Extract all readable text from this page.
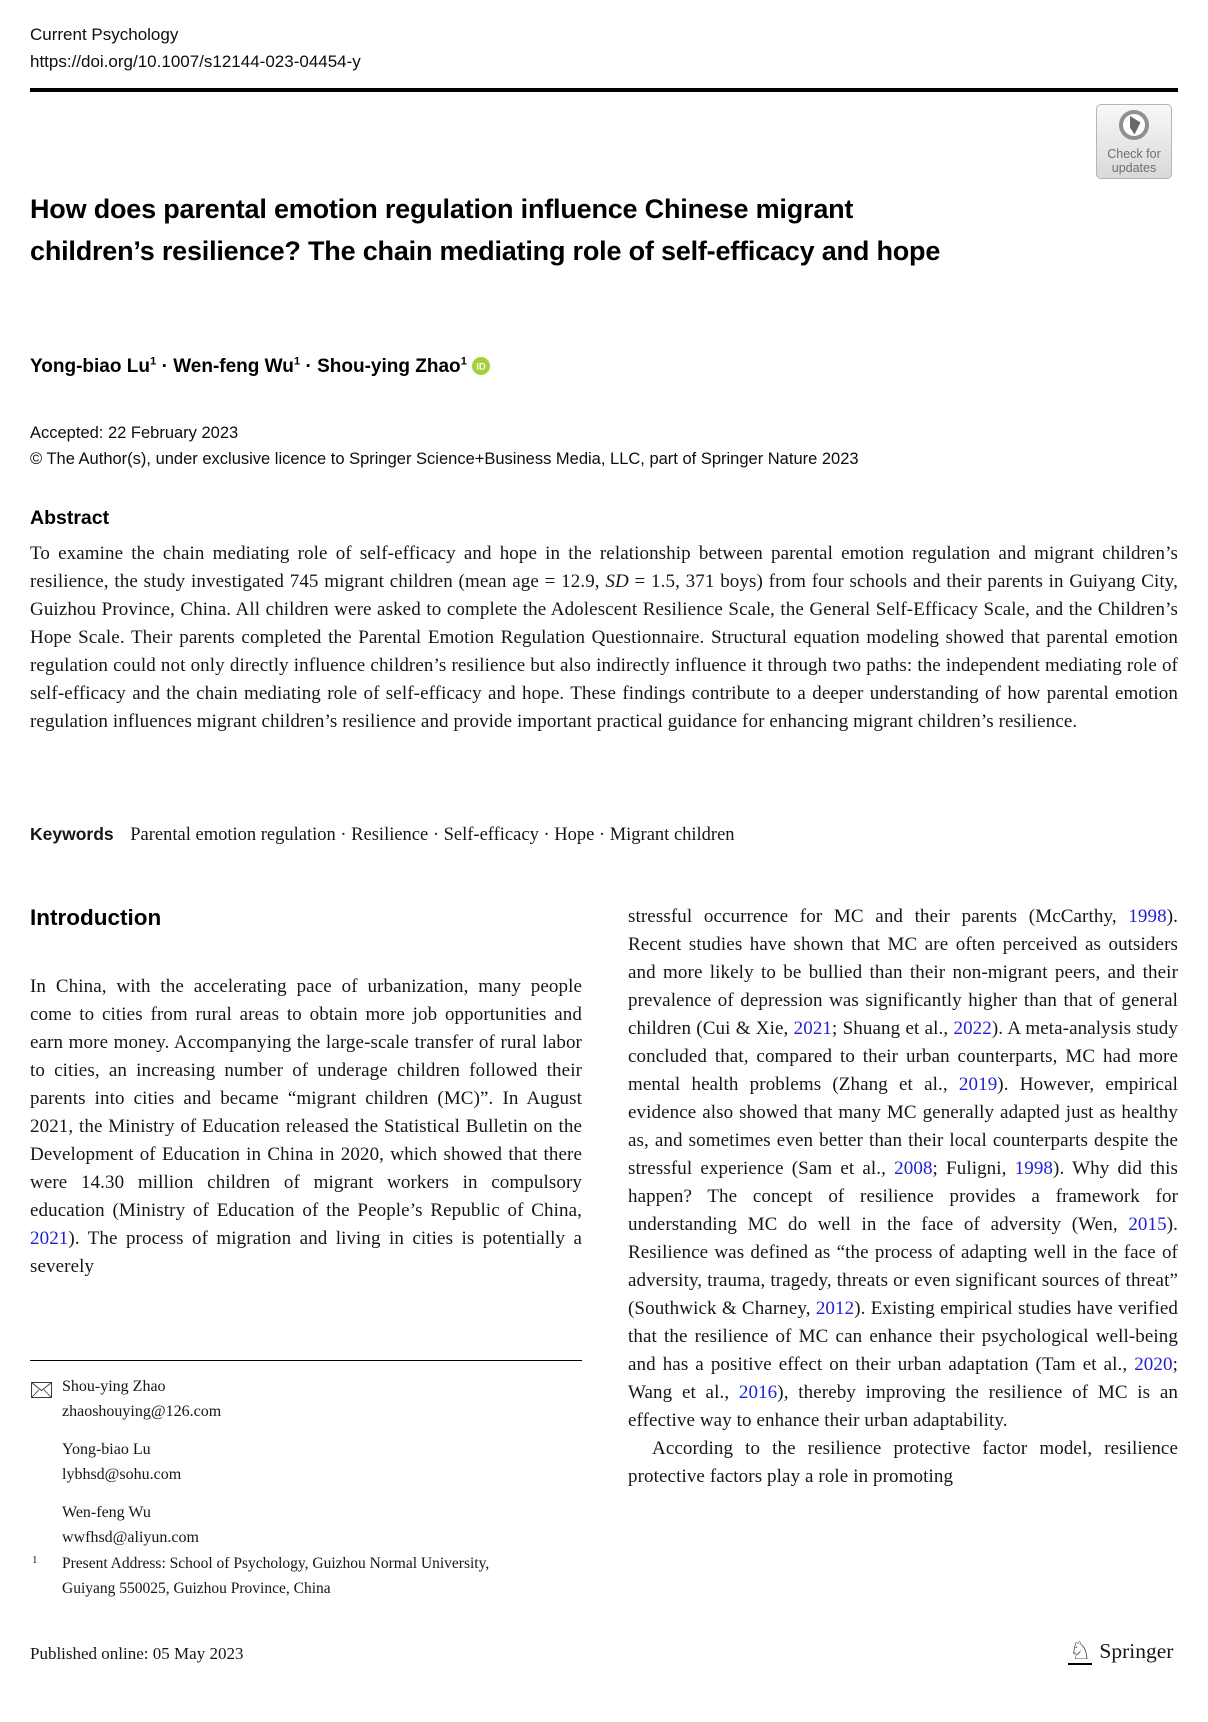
Current Psychology
https://doi.org/10.1007/s12144-023-04454-y
Check for
updates
How does parental emotion regulation influence Chinese migrant children’s resilience? The chain mediating role of self-efficacy and hope
Yong-biao $Lu^1$ · Wen-feng $Wu^1$ · Shou-ying Zhao$^1$ iD
Accepted: 22 February 2023
© The Author(s), under exclusive licence to Springer Science+Business Media, LLC, part of Springer Nature 2023
Abstract
To examine the chain mediating role of self-efficacy and hope in the relationship between parental emotion regulation and migrant children’s resilience, the study investigated 745 migrant children (mean age = 12.9, SD = 1.5, 371 boys) from four schools and their parents in Guiyang City, Guizhou Province, China. All children were asked to complete the Adolescent Resilience Scale, the General Self-Efficacy Scale, and the Children’s Hope Scale. Their parents completed the Parental Emotion Regulation Questionnaire. Structural equation modeling showed that parental emotion regulation could not only directly influence children’s resilience but also indirectly influence it through two paths: the independent mediating role of self-efficacy and the chain mediating role of self-efficacy and hope. These findings contribute to a deeper understanding of how parental emotion regulation influences migrant children’s resilience and provide important practical guidance for enhancing migrant children’s resilience.
Keywords Parental emotion regulation · Resilience · Self-efficacy · Hope · Migrant children
Introduction

In China, with the accelerating pace of urbanization, many people come to cities from rural areas to obtain more job opportunities and earn more money. Accompanying the large-scale transfer of rural labor to cities, an increasing number of underage children followed their parents into cities and became “migrant children (MC)”. In August 2021, the Ministry of Education released the Statistical Bulletin on the Development of Education in China in 2020, which showed that there were 14.30 million children of migrant workers in compulsory education (Ministry of Education of the People’s Republic of China, 2021). The process of migration and living in cities is potentially a severely

stressful occurrence for MC and their parents (McCarthy, 1998). Recent studies have shown that MC are often perceived as outsiders and more likely to be bullied than their non-migrant peers, and their prevalence of depression was significantly higher than that of general children (Cui & Xie, 2021; Shuang et al., 2022). A meta-analysis study concluded that, compared to their urban counterparts, MC had more mental health problems (Zhang et al., 2019). However, empirical evidence also showed that many MC generally adapted just as healthy as, and sometimes even better than their local counterparts despite the stressful experience (Sam et al., 2008; Fuligni, 1998). Why did this happen? The concept of resilience provides a framework for understanding MC do well in the face of adversity (Wen, 2015). Resilience was defined as “the process of adapting well in the face of adversity, trauma, tragedy, threats or even significant sources of threat” (Southwick & Charney, 2012). Existing empirical studies have verified that the resilience of MC can enhance their psychological well-being and has a positive effect on their urban adaptation (Tam et al., 2020; Wang et al., 2016), thereby improving the resilience of MC is an effective way to enhance their urban adaptability.

According to the resilience protective factor model, resilience protective factors play a role in promoting

Shou-ying Zhao
zhaoshouying@126.com
Yong-biao Lu
lybhsd@sohu.com
Wen-feng Wu
wwfhsd@aliyun.com
1	Present Address: School of Psychology, Guizhou Normal University, Guiyang 550025, Guizhou Province, China
Published online: 05 May 2023	♘ Springer
